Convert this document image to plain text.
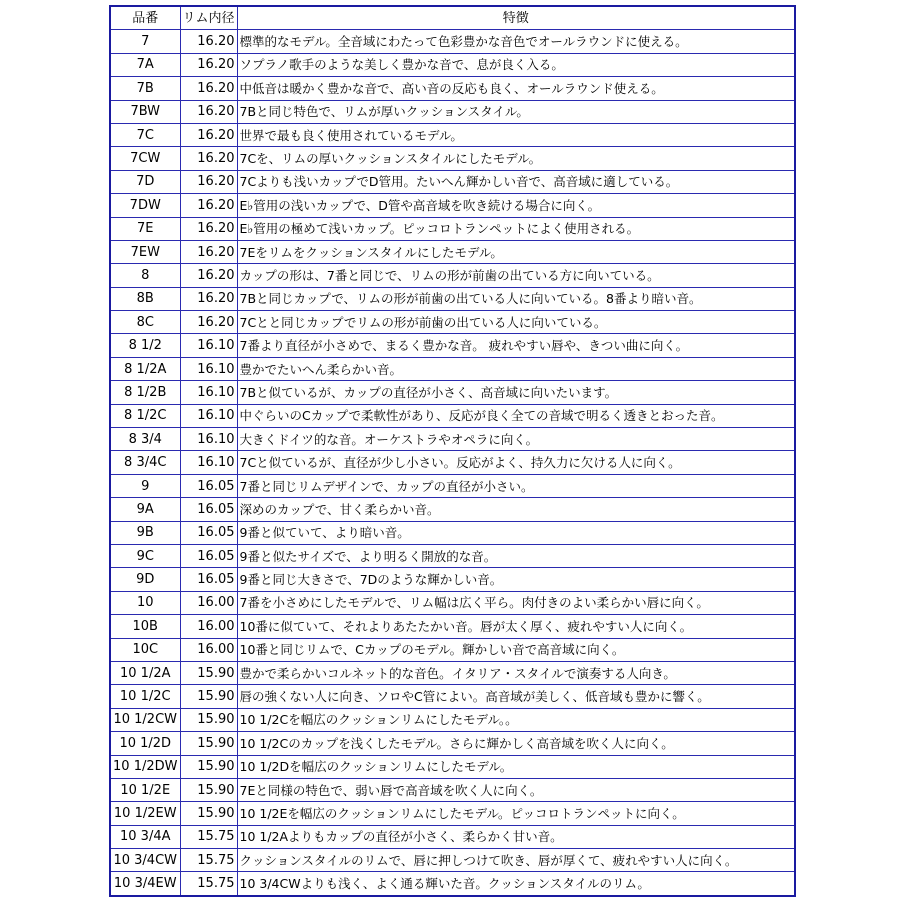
品番	リム内径	特徴
7	16.20	標準的なモデル。全音域にわたって色彩豊かな音色でオールラウンドに使える。
7A	16.20	ソプラノ歌手のような美しく豊かな音で、息が良く入る。
7B	16.20	中低音は暖かく豊かな音で、高い音の反応も良く、オールラウンド使える。
7BW	16.20	7Bと同じ特色で、リムが厚いクッションスタイル。
7C	16.20	世界で最も良く使用されているモデル。
7CW	16.20	7Cを、リムの厚いクッションスタイルにしたモデル。
7D	16.20	7Cよりも浅いカップでD管用。たいへん輝かしい音で、高音域に適している。
7DW	16.20	E♭管用の浅いカップで、D管や高音域を吹き続ける場合に向く。
7E	16.20	E♭管用の極めて浅いカップ。ピッコロトランペットによく使用される。
7EW	16.20	7Eをリムをクッションスタイルにしたモデル。
8	16.20	カップの形は、7番と同じで、リムの形が前歯の出ている方に向いている。
8B	16.20	7Bと同じカップで、リムの形が前歯の出ている人に向いている。8番より暗い音。
8C	16.20	7Cとと同じカップでリムの形が前歯の出ている人に向いている。
8 1/2	16.10	7番より直径が小さめで、まるく豊かな音。 疲れやすい唇や、きつい曲に向く。
8 1/2A	16.10	豊かでたいへん柔らかい音。
8 1/2B	16.10	7Bと似ているが、カップの直径が小さく、高音域に向いたいます。
8 1/2C	16.10	中ぐらいのCカップで柔軟性があり、反応が良く全ての音域で明るく透きとおった音。
8 3/4	16.10	大きくドイツ的な音。オーケストラやオペラに向く。
8 3/4C	16.10	7Cと似ているが、直径が少し小さい。反応がよく、持久力に欠ける人に向く。
9	16.05	7番と同じリムデザインで、カップの直径が小さい。
9A	16.05	深めのカップで、甘く柔らかい音。
9B	16.05	9番と似ていて、より暗い音。
9C	16.05	9番と似たサイズで、より明るく開放的な音。
9D	16.05	9番と同じ大きさで、7Dのような輝かしい音。
10	16.00	7番を小さめにしたモデルで、リム幅は広く平ら。肉付きのよい柔らかい唇に向く。
10B	16.00	10番に似ていて、それよりあたたかい音。唇が太く厚く、疲れやすい人に向く。
10C	16.00	10番と同じリムで、Cカップのモデル。輝かしい音で高音域に向く。
10 1/2A	15.90	豊かで柔らかいコルネット的な音色。イタリア・スタイルで演奏する人向き。
10 1/2C	15.90	唇の強くない人に向き、ソロやC管によい。高音域が美しく、低音域も豊かに響く。
10 1/2CW	15.90	10 1/2Cを幅広のクッションリムにしたモデル。。
10 1/2D	15.90	10 1/2Cのカップを浅くしたモデル。さらに輝かしく高音域を吹く人に向く。
10 1/2DW	15.90	10 1/2Dを幅広のクッションリムにしたモデル。
10 1/2E	15.90	7Eと同様の特色で、弱い唇で高音域を吹く人に向く。
10 1/2EW	15.90	10 1/2Eを幅広のクッションリムにしたモデル。ピッコロトランペットに向く。
10 3/4A	15.75	10 1/2Aよりもカップの直径が小さく、柔らかく甘い音。
10 3/4CW	15.75	クッションスタイルのリムで、唇に押しつけて吹き、唇が厚くて、疲れやすい人に向く。
10 3/4EW	15.75	10 3/4CWよりも浅く、よく通る輝いた音。クッションスタイルのリム。
